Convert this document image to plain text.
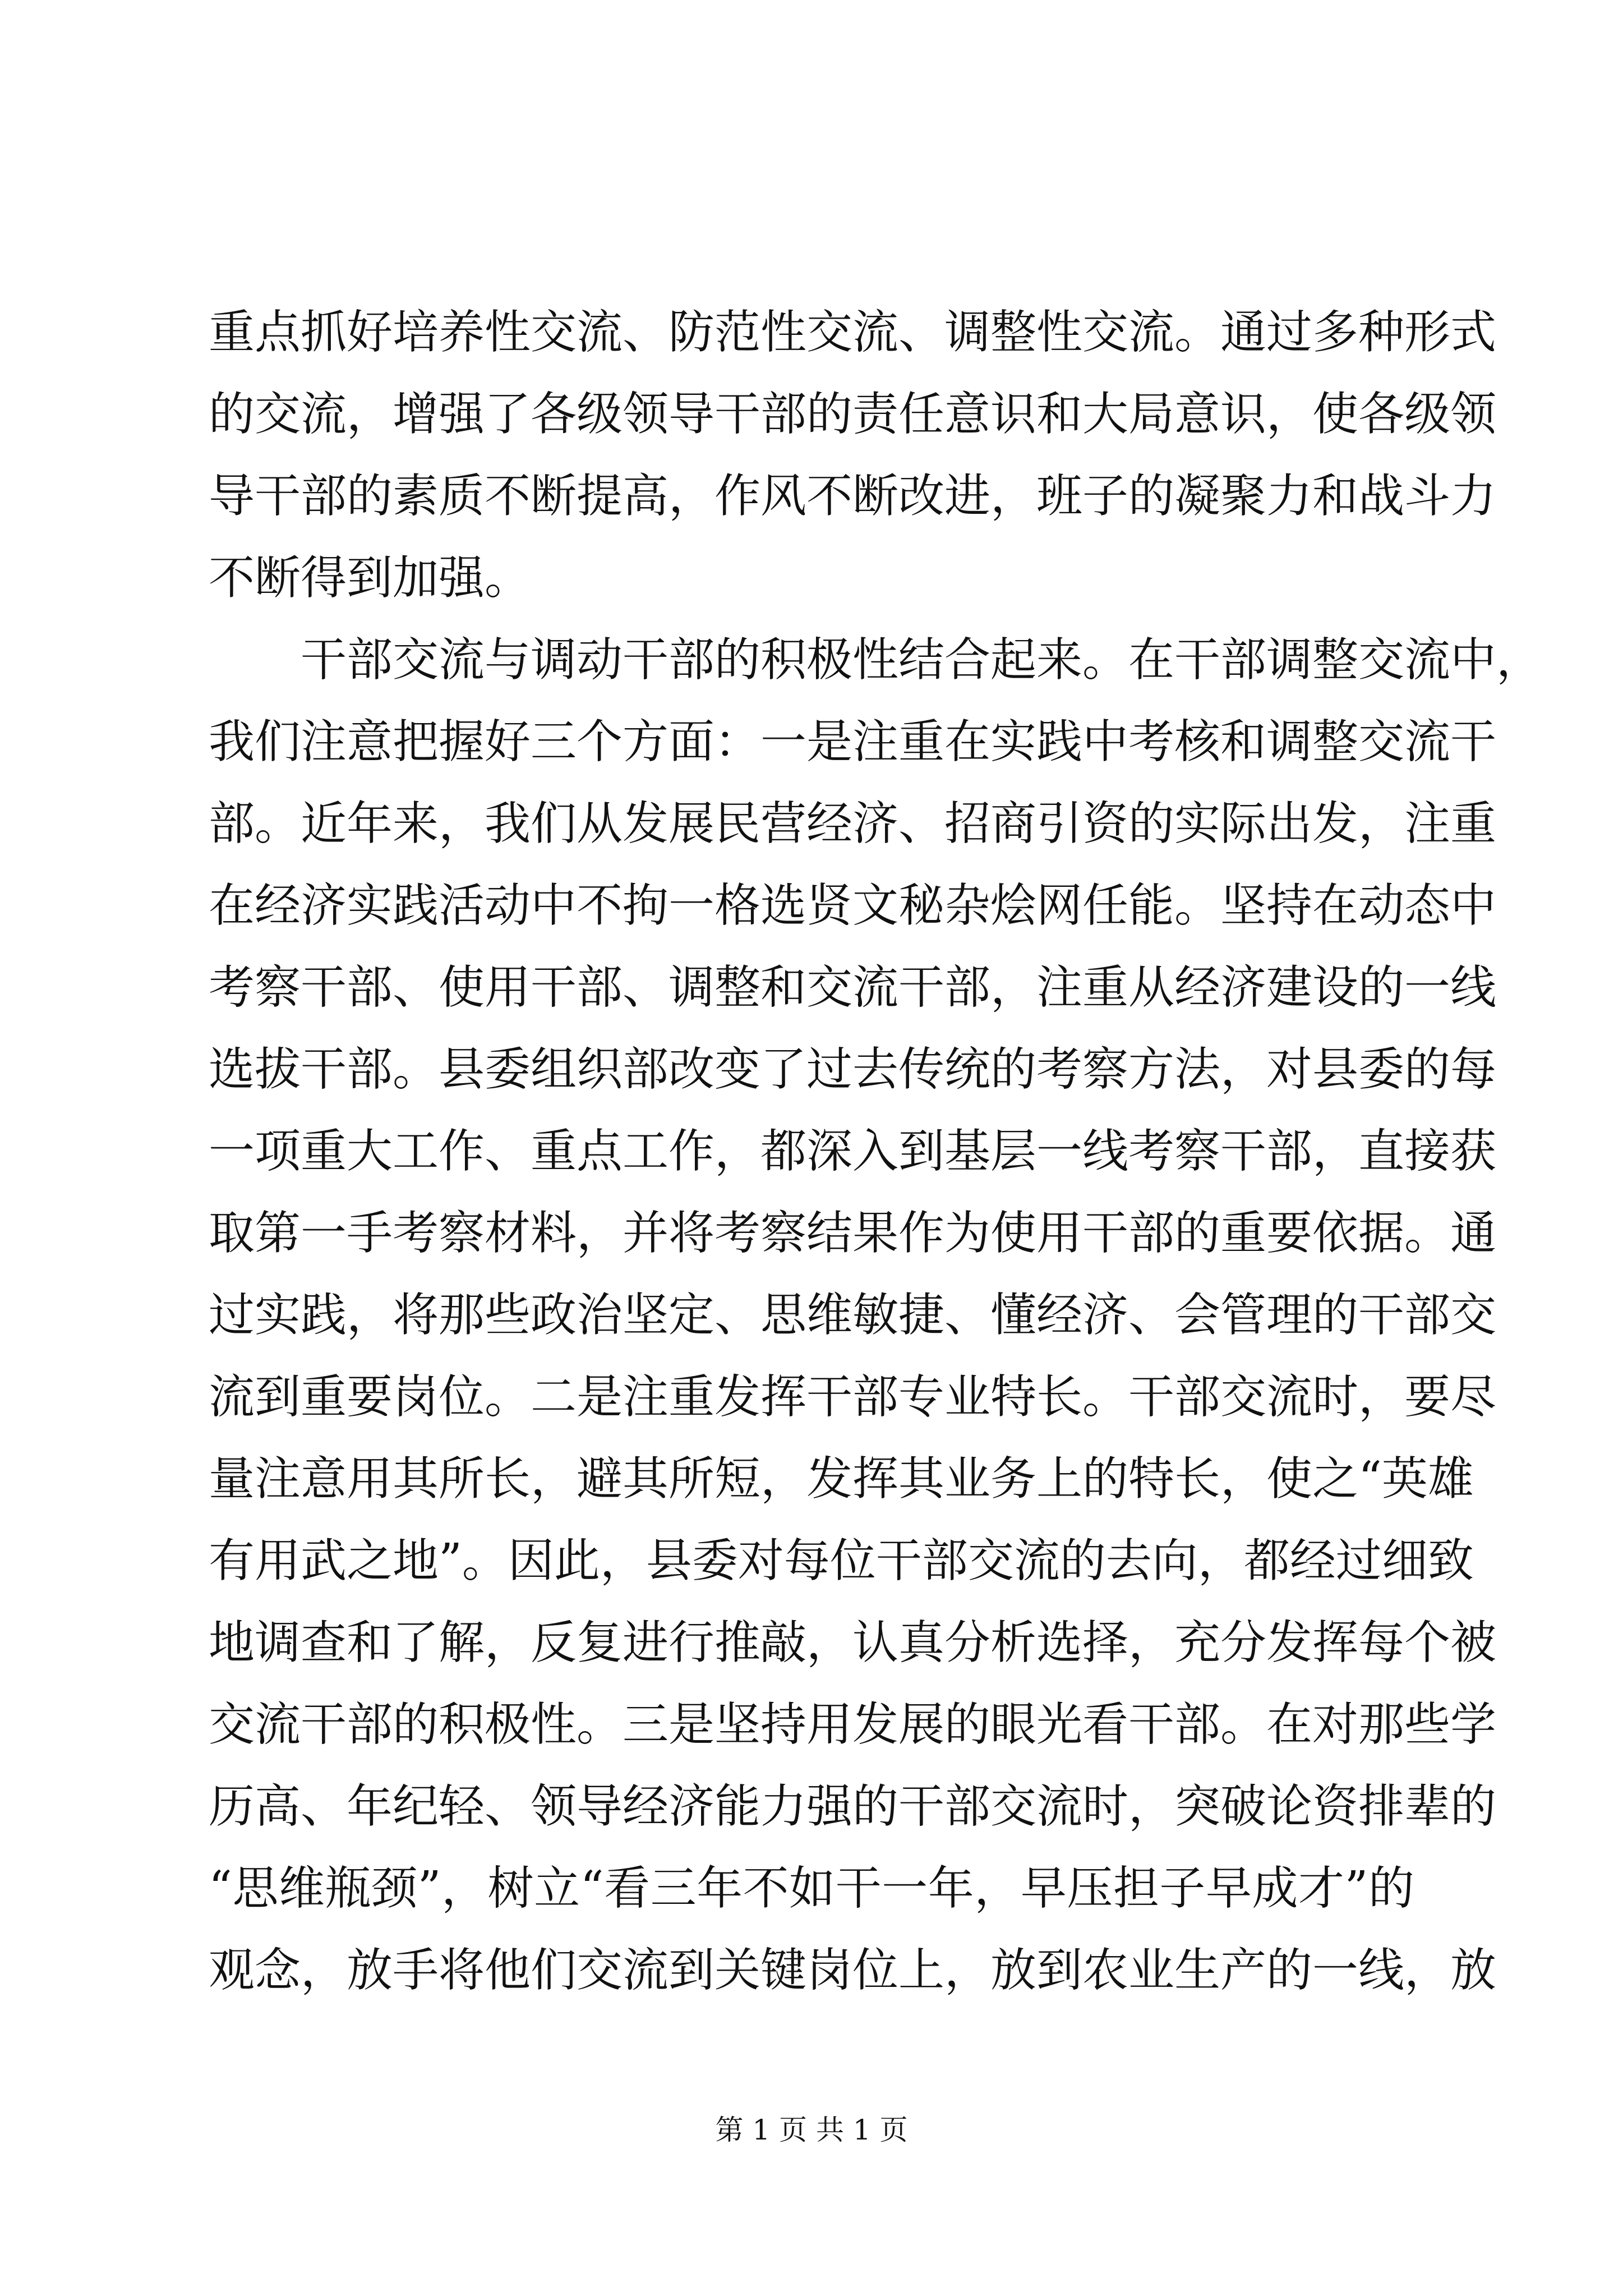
重点抓好培养性交流、防范性交流、调整性交流。通过多种形式
的交流，增强了各级领导干部的责任意识和大局意识，使各级领
导干部的素质不断提高，作风不断改进，班子的凝聚力和战斗力
不断得到加强。
干部交流与调动干部的积极性结合起来。在干部调整交流中，
我们注意把握好三个方面：一是注重在实践中考核和调整交流干
部。近年来，我们从发展民营经济、招商引资的实际出发，注重
在经济实践活动中不拘一格选贤文秘杂烩网任能。坚持在动态中
考察干部、使用干部、调整和交流干部，注重从经济建设的一线
选拔干部。县委组织部改变了过去传统的考察方法，对县委的每
一项重大工作、重点工作，都深入到基层一线考察干部，直接获
取第一手考察材料，并将考察结果作为使用干部的重要依据。通
过实践，将那些政治坚定、思维敏捷、懂经济、会管理的干部交
流到重要岗位。二是注重发挥干部专业特长。干部交流时，要尽
量注意用其所长，避其所短，发挥其业务上的特长，使之“英雄
有用武之地”。因此，县委对每位干部交流的去向，都经过细致
地调查和了解，反复进行推敲，认真分析选择，充分发挥每个被
交流干部的积极性。三是坚持用发展的眼光看干部。在对那些学
历高、年纪轻、领导经济能力强的干部交流时，突破论资排辈的
“思维瓶颈”，树立“看三年不如干一年，早压担子早成才”的
观念，放手将他们交流到关键岗位上，放到农业生产的一线，放
第 1 页 共 1 页
